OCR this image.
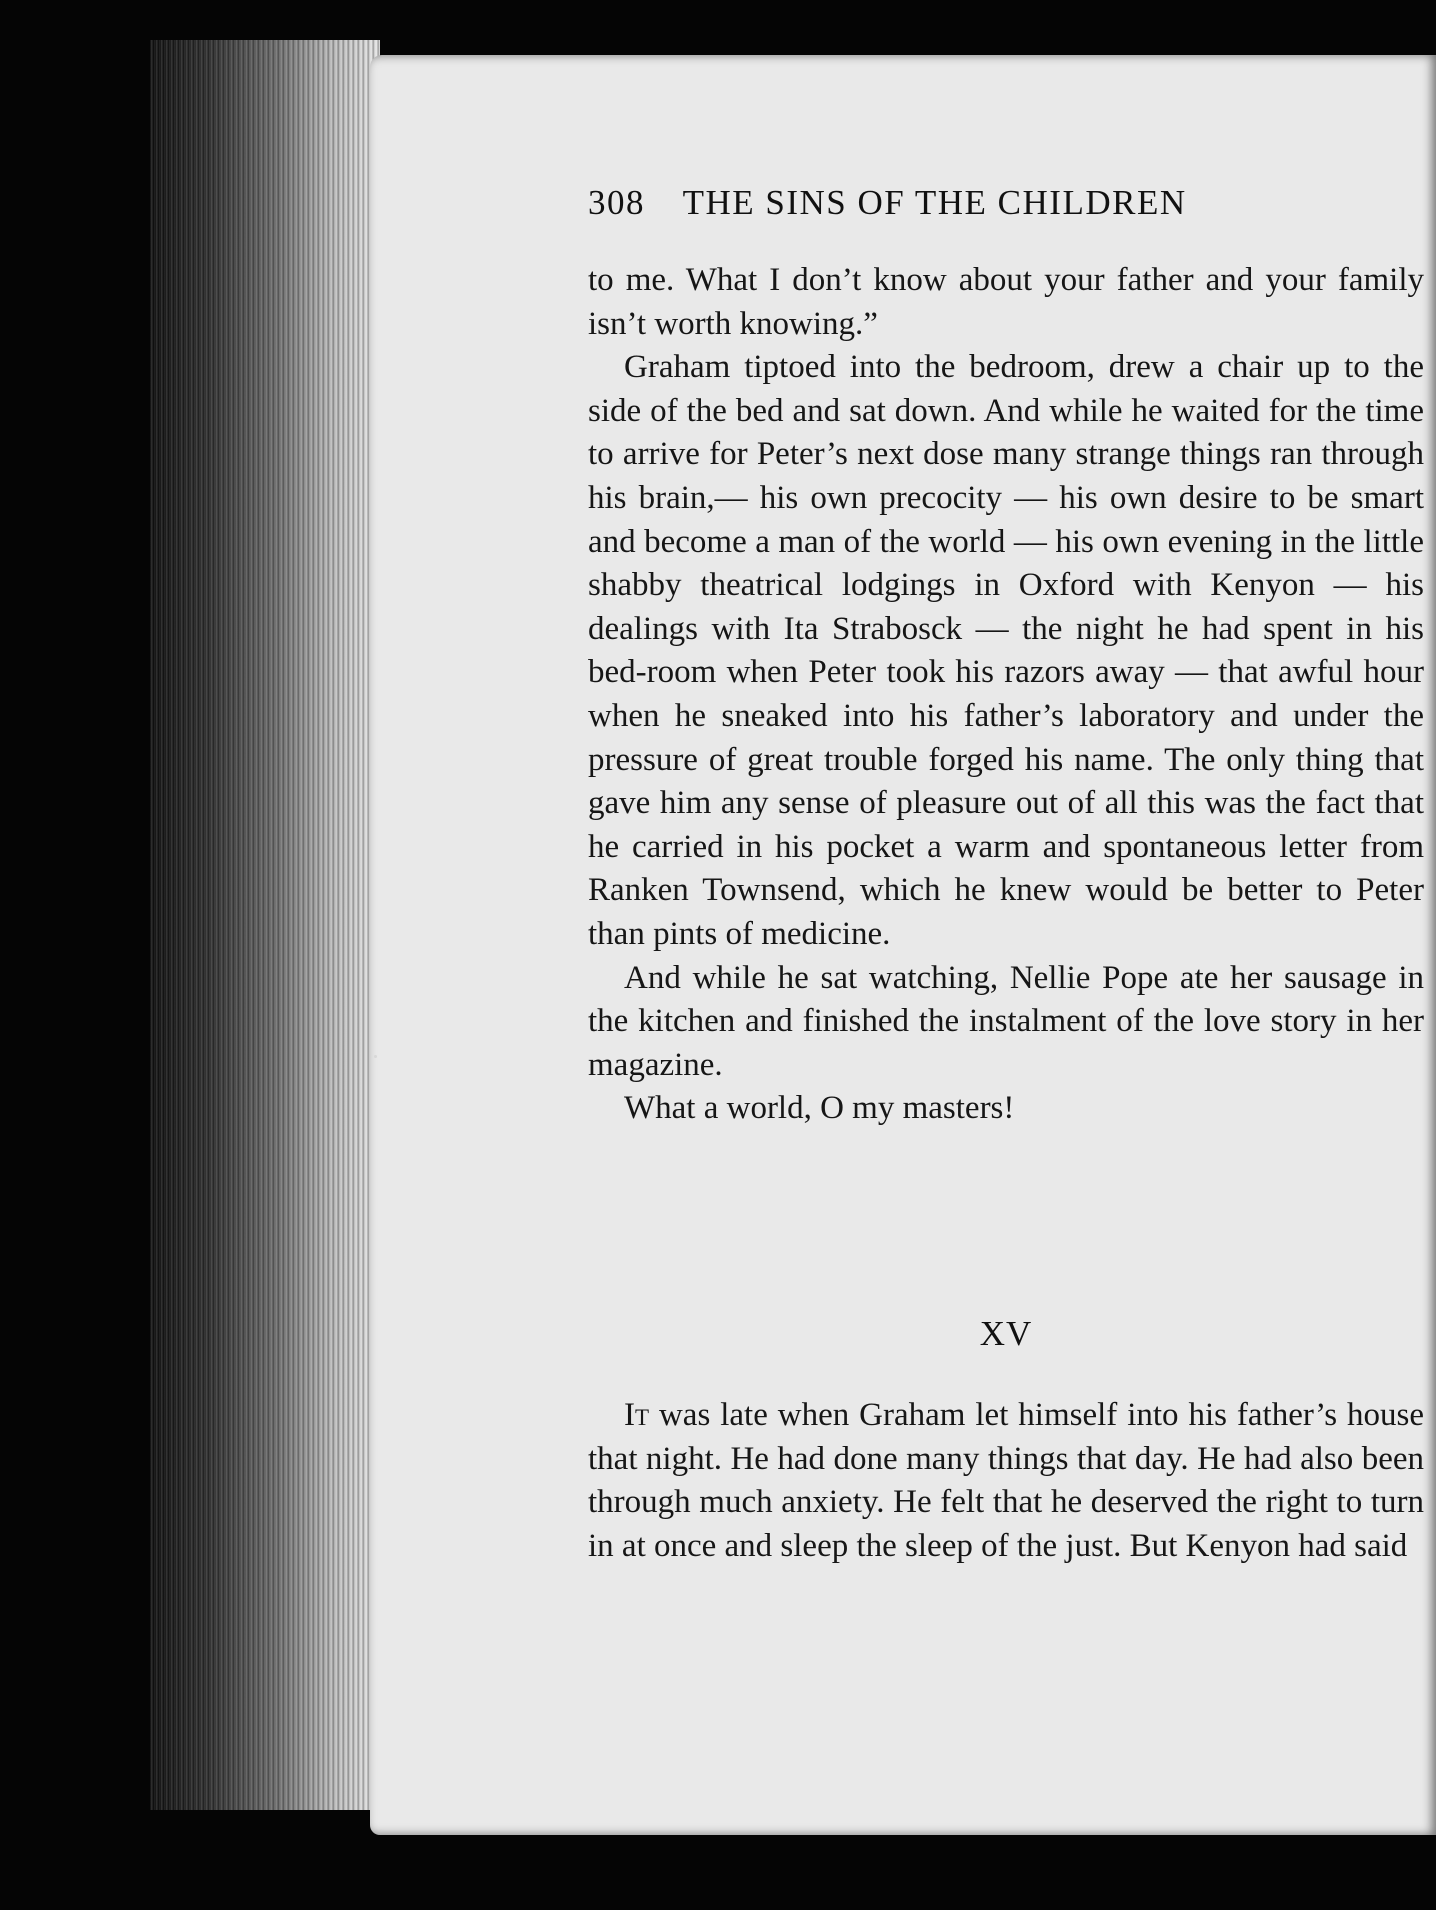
308 THE SINS OF THE CHILDREN

to me. What I don’t know about your father and your family isn’t worth knowing.”

Graham tiptoed into the bedroom, drew a chair up to the side of the bed and sat down. And while he waited for the time to arrive for Peter’s next dose many strange things ran through his brain,— his own precocity — his own desire to be smart and become a man of the world — his own evening in the little shabby theatrical lodgings in Oxford with Kenyon — his dealings with Ita Strabosck — the night he had spent in his bed-room when Peter took his razors away — that awful hour when he sneaked into his father’s laboratory and under the pressure of great trouble forged his name. The only thing that gave him any sense of pleasure out of all this was the fact that he carried in his pocket a warm and spontaneous letter from Ranken Townsend, which he knew would be better to Peter than pints of medicine.

And while he sat watching, Nellie Pope ate her sausage in the kitchen and finished the instalment of the love story in her magazine.

What a world, O my masters!

XV

It was late when Graham let himself into his father’s house that night. He had done many things that day. He had also been through much anxiety. He felt that he deserved the right to turn in at once and sleep the sleep of the just. But Kenyon had said
